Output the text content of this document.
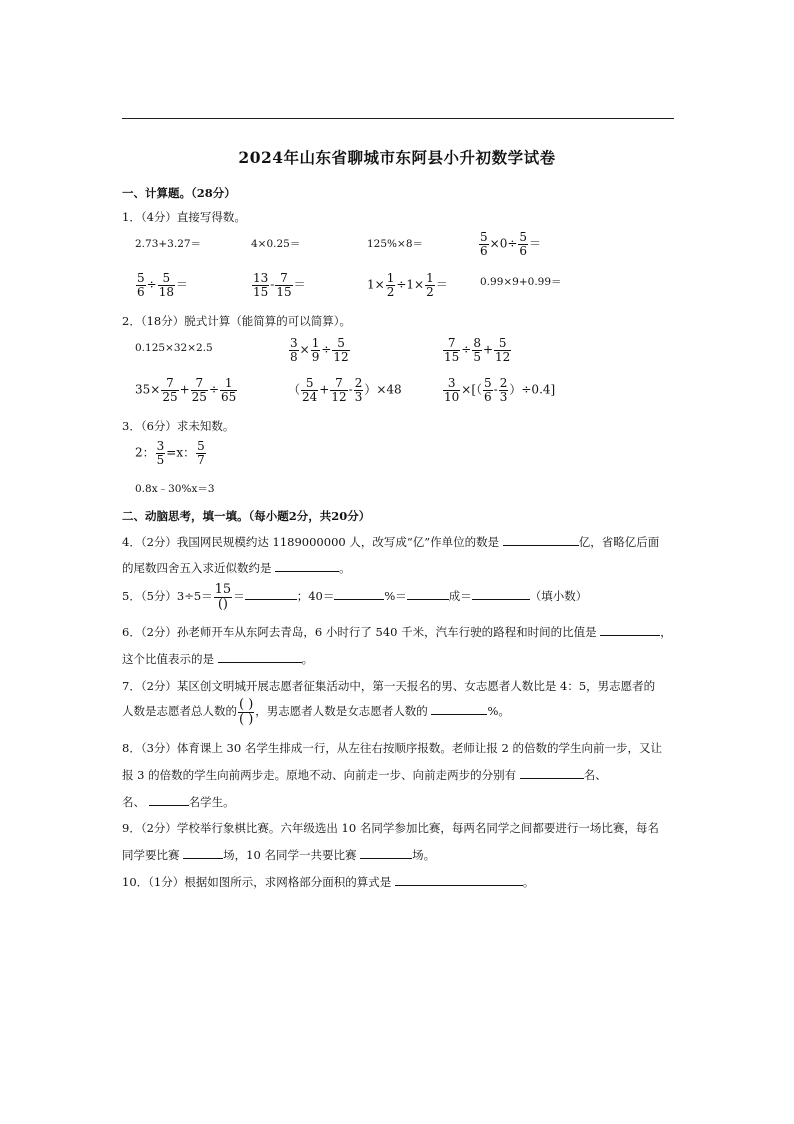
2024年山东省聊城市东阿县小升初数学试卷
一、计算题。（28分）
1．（4分）直接写得数。
2.73+3.27＝	4×0.25＝	125%×8＝	$\frac{5}{6} \times 0\div \frac{5}{6}$ ＝
$\frac{5}{6} \div \frac{5}{18}$ ＝	$\frac{13}{15} - \frac{7}{15}$ ＝	$1\times \frac{1}{2} \div 1\times \frac{1}{2}$ ＝	0.99×9+0.99＝
2．（18分）脱式计算（能简算的可以简算）。
0.125×32×2.5	$\frac{3}{8} \times \frac{1}{9} \div \frac{5}{12}$	$\frac{7}{15} \div \frac{8}{5} + \frac{5}{12}$
$35\times \frac{7}{25} + \frac{7}{25} \div \frac{1}{65}$	（ $\frac{5}{24} + \frac{7}{12} - \frac{2}{3} )\times 48$	$\frac{3}{10}$ ×[（ $\frac{5}{6} - \frac{2}{3} )\div 0.4$]
3．（6分）求未知数。
2： $\frac{3}{5} =x$： $\frac{5}{7}$
0.8x﹣30%x＝3
二、动脑思考，填一填。（每小题2分，共20分）
4．（2分）我国网民规模约达 1189000000 人，改写成“亿”作单位的数是	亿，省略亿后面
的尾数四舍五入求近似数约是	。
5．（5分）$3\div 5= \frac{15}{()}$ ＝	；40＝	%＝	成＝	（填小数）
6．（2分）孙老师开车从东阿去青岛，6 小时行了 540 千米，汽车行驶的路程和时间的比值是	，
这个比值表示的是	。
7．（2分）某区创文明城开展志愿者征集活动中，第一天报名的男、女志愿者人数比是 4：5，男志愿者的
人数是志愿者总人数的 $\frac{( )}{( )}$ ，男志愿者人数是女志愿者人数的	%。
8．（3分）体育课上 30 名学生排成一行，从左往右按顺序报数。老师让报 2 的倍数的学生向前一步，又让
报 3 的倍数的学生向前两步走。原地不动、向前走一步、向前走两步的分别有	名、
名、	名学生。
9．（2分）学校举行象棋比赛。六年级选出 10 名同学参加比赛，每两名同学之间都要进行一场比赛，每名
同学要比赛	场，10 名同学一共要比赛	场。
10．（1分）根据如图所示，求网格部分面积的算式是	。
